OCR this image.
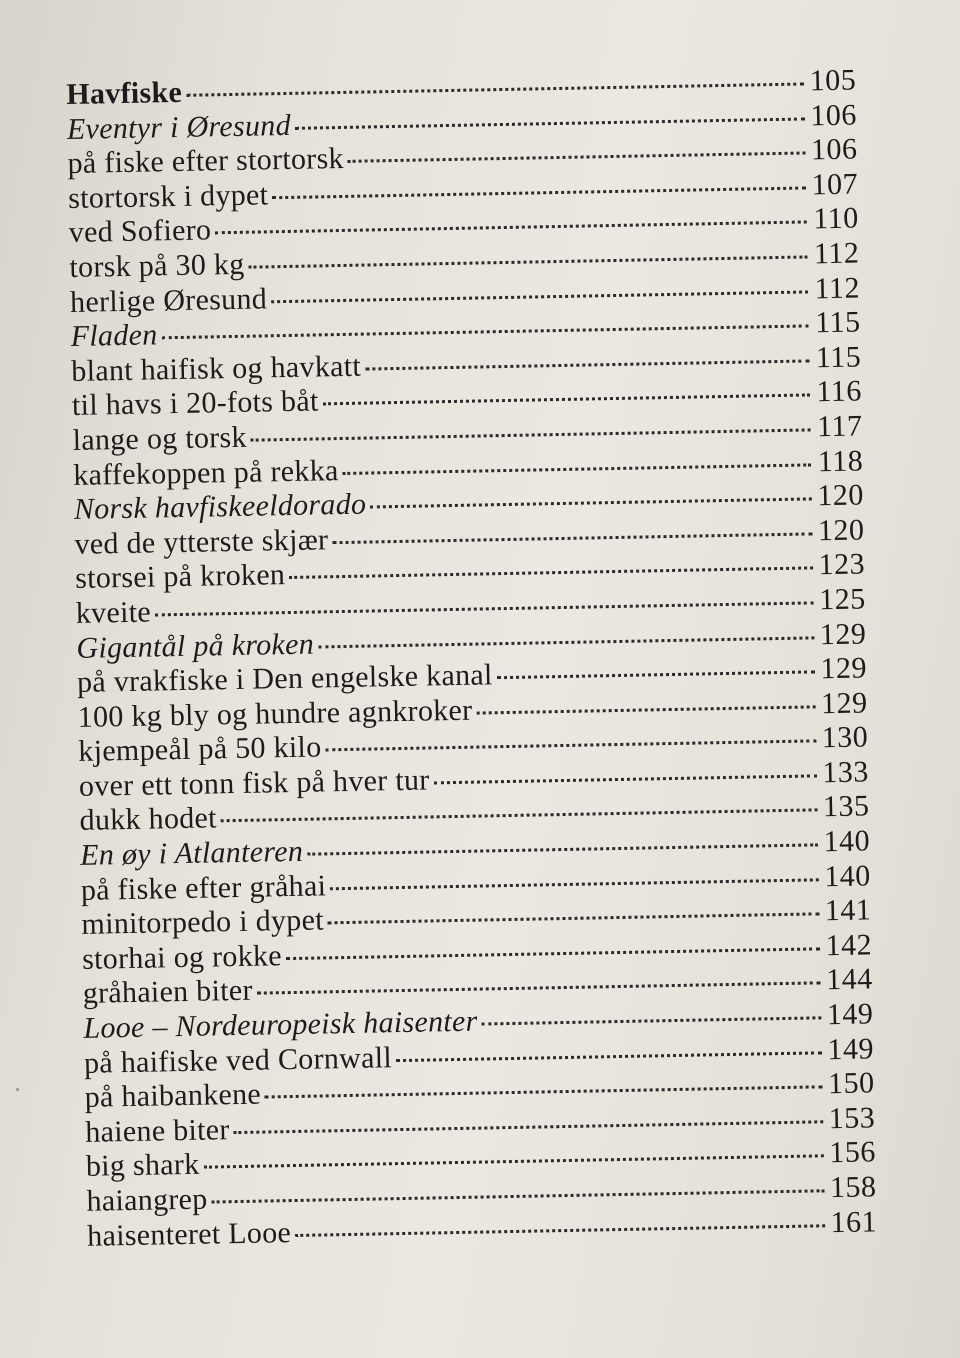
Havfiske	105
Eventyr i Øresund	106
på fiske efter stortorsk	106
stortorsk i dypet	107
ved Sofiero	110
torsk på 30 kg	112
herlige Øresund	112
Fladen	115
blant haifisk og havkatt	115
til havs i 20-fots båt	116
lange og torsk	117
kaffekoppen på rekka	118
Norsk havfiskeeldorado	120
ved de ytterste skjær	120
storsei på kroken	123
kveite	125
Gigantål på kroken	129
på vrakfiske i Den engelske kanal	129
100 kg bly og hundre agnkroker	129
kjempeål på 50 kilo	130
over ett tonn fisk på hver tur	133
dukk hodet	135
En øy i Atlanteren	140
på fiske efter gråhai	140
minitorpedo i dypet	141
storhai og rokke	142
gråhaien biter	144
Looe – Nordeuropeisk haisenter	149
på haifiske ved Cornwall	149
på haibankene	150
haiene biter	153
big shark	156
haiangrep	158
haisenteret Looe	161
